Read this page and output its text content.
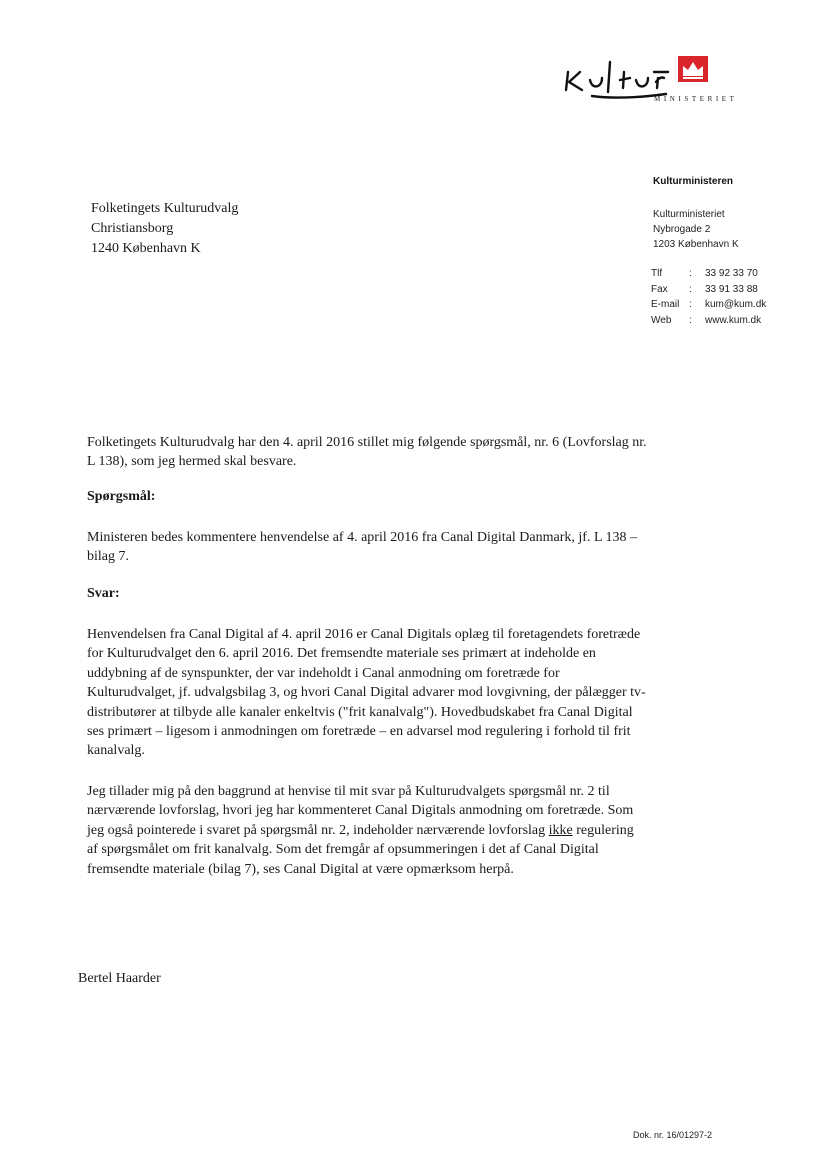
MINISTERIET
Kulturministeren
Kulturministeriet
Nybrogade 2
1203 København K
Tlf	:	33 92 33 70
Fax	:	33 91 33 88
E-mail	:	kum@kum.dk
Web	:	www.kum.dk
Folketingets Kulturudvalg
Christiansborg
1240 København K
Folketingets Kulturudvalg har den 4. april 2016 stillet mig følgende spørgsmål, nr. 6 (Lovforslag nr. L 138), som jeg hermed skal besvare.
Spørgsmål:
Ministeren bedes kommentere henvendelse af 4. april 2016 fra Canal Digital Danmark, jf. L 138 – bilag 7.
Svar:
Henvendelsen fra Canal Digital af 4. april 2016 er Canal Digitals oplæg til foretagendets foretræde for Kulturudvalget den 6. april 2016. Det fremsendte materiale ses primært at indeholde en uddybning af de synspunkter, der var indeholdt i Canal anmodning om foretræde for Kulturudvalget, jf. udvalgsbilag 3, og hvori Canal Digital advarer mod lovgivning, der pålægger tv-distributører at tilbyde alle kanaler enkeltvis ("frit kanalvalg"). Hovedbudskabet fra Canal Digital ses primært – ligesom i anmodningen om foretræde – en advarsel mod regulering i forhold til frit kanalvalg.
Jeg tillader mig på den baggrund at henvise til mit svar på Kulturudvalgets spørgsmål nr. 2 til nærværende lovforslag, hvori jeg har kommenteret Canal Digitals anmodning om foretræde. Som jeg også pointerede i svaret på spørgsmål nr. 2, indeholder nærværende lovforslag ikke regulering af spørgsmålet om frit kanalvalg. Som det fremgår af opsummeringen i det af Canal Digital fremsendte materiale (bilag 7), ses Canal Digital at være opmærksom herpå.
Bertel Haarder
Dok. nr. 16/01297-2
